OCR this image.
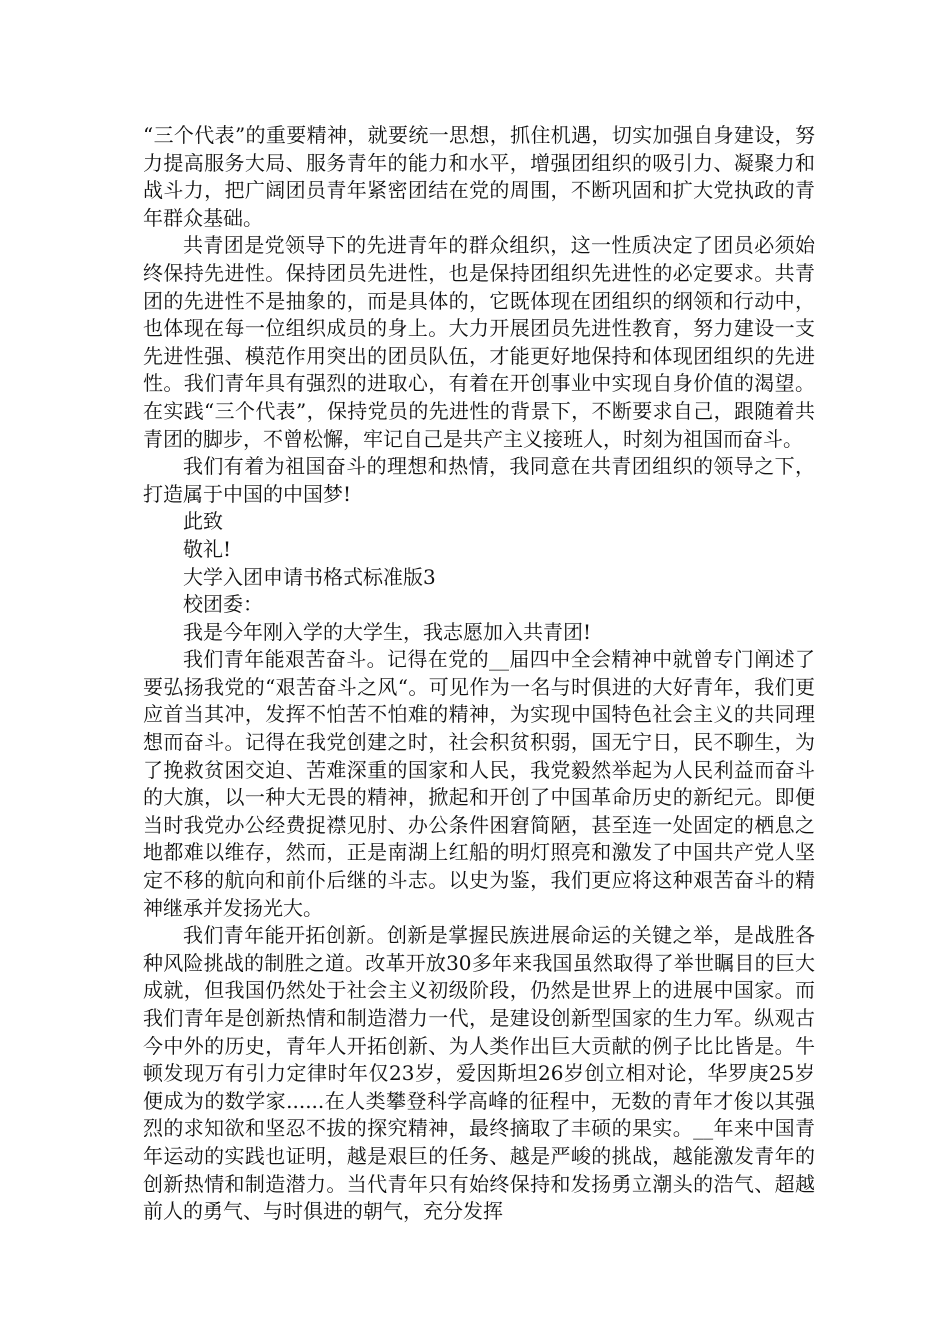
“三个代表”的重要精神，就要统一思想，抓住机遇，切实加强自身建设，努力提高服务大局、服务青年的能力和水平，增强团组织的吸引力、凝聚力和战斗力，把广阔团员青年紧密团结在党的周围，不断巩固和扩大党执政的青年群众基础。

共青团是党领导下的先进青年的群众组织，这一性质决定了团员必须始终保持先进性。保持团员先进性，也是保持团组织先进性的必定要求。共青团的先进性不是抽象的，而是具体的，它既体现在团组织的纲领和行动中，也体现在每一位组织成员的身上。大力开展团员先进性教育，努力建设一支先进性强、模范作用突出的团员队伍，才能更好地保持和体现团组织的先进性。我们青年具有强烈的进取心，有着在开创事业中实现自身价值的渴望。在实践“三个代表”，保持党员的先进性的背景下，不断要求自己，跟随着共青团的脚步，不曾松懈，牢记自己是共产主义接班人，时刻为祖国而奋斗。

我们有着为祖国奋斗的理想和热情，我同意在共青团组织的领导之下，打造属于中国的中国梦!

此致

敬礼!

大学入团申请书格式标准版3

校团委：

我是今年刚入学的大学生，我志愿加入共青团!

我们青年能艰苦奋斗。记得在党的__届四中全会精神中就曾专门阐述了要弘扬我党的“艰苦奋斗之风“。可见作为一名与时俱进的大好青年，我们更应首当其冲，发挥不怕苦不怕难的精神，为实现中国特色社会主义的共同理想而奋斗。记得在我党创建之时，社会积贫积弱，国无宁日，民不聊生，为了挽救贫困交迫、苦难深重的国家和人民，我党毅然举起为人民利益而奋斗的大旗，以一种大无畏的精神，掀起和开创了中国革命历史的新纪元。即便当时我党办公经费捉襟见肘、办公条件困窘简陋，甚至连一处固定的栖息之地都难以维存，然而，正是南湖上红船的明灯照亮和激发了中国共产党人坚定不移的航向和前仆后继的斗志。以史为鉴，我们更应将这种艰苦奋斗的精神继承并发扬光大。

我们青年能开拓创新。创新是掌握民族进展命运的关键之举，是战胜各种风险挑战的制胜之道。改革开放30多年来我国虽然取得了举世瞩目的巨大成就，但我国仍然处于社会主义初级阶段，仍然是世界上的进展中国家。而我们青年是创新热情和制造潜力一代，是建设创新型国家的生力军。纵观古今中外的历史，青年人开拓创新、为人类作出巨大贡献的例子比比皆是。牛顿发现万有引力定律时年仅23岁，爱因斯坦26岁创立相对论，华罗庚25岁便成为的数学家......在人类攀登科学高峰的征程中，无数的青年才俊以其强烈的求知欲和坚忍不拔的探究精神，最终摘取了丰硕的果实。__年来中国青年运动的实践也证明，越是艰巨的任务、越是严峻的挑战，越能激发青年的创新热情和制造潜力。当代青年只有始终保持和发扬勇立潮头的浩气、超越前人的勇气、与时俱进的朝气，充分发挥
